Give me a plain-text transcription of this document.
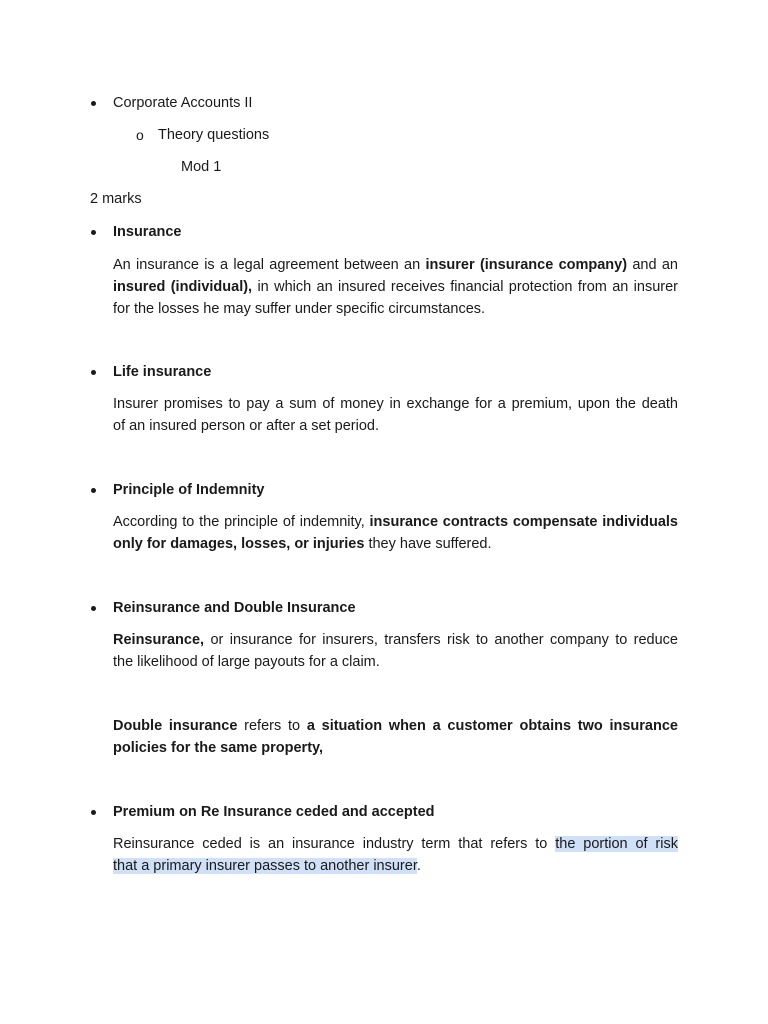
Corporate Accounts II
o Theory questions
Mod 1
2 marks
Insurance
An insurance is a legal agreement between an insurer (insurance company) and an
insured (individual), in which an insured receives financial protection from an insurer
for the losses he may suffer under specific circumstances.
Life insurance
Insurer promises to pay a sum of money in exchange for a premium, upon the death
of an insured person or after a set period.
Principle of Indemnity
According to the principle of indemnity, insurance contracts compensate individuals
only for damages, losses, or injuries they have suffered.
Reinsurance and Double Insurance
Reinsurance, or insurance for insurers, transfers risk to another company to reduce
the likelihood of large payouts for a claim.
Double insurance refers to a situation when a customer obtains two insurance
policies for the same property,
Premium on Re Insurance ceded and accepted
Reinsurance ceded is an insurance industry term that refers to the portion of risk
that a primary insurer passes to another insurer.
